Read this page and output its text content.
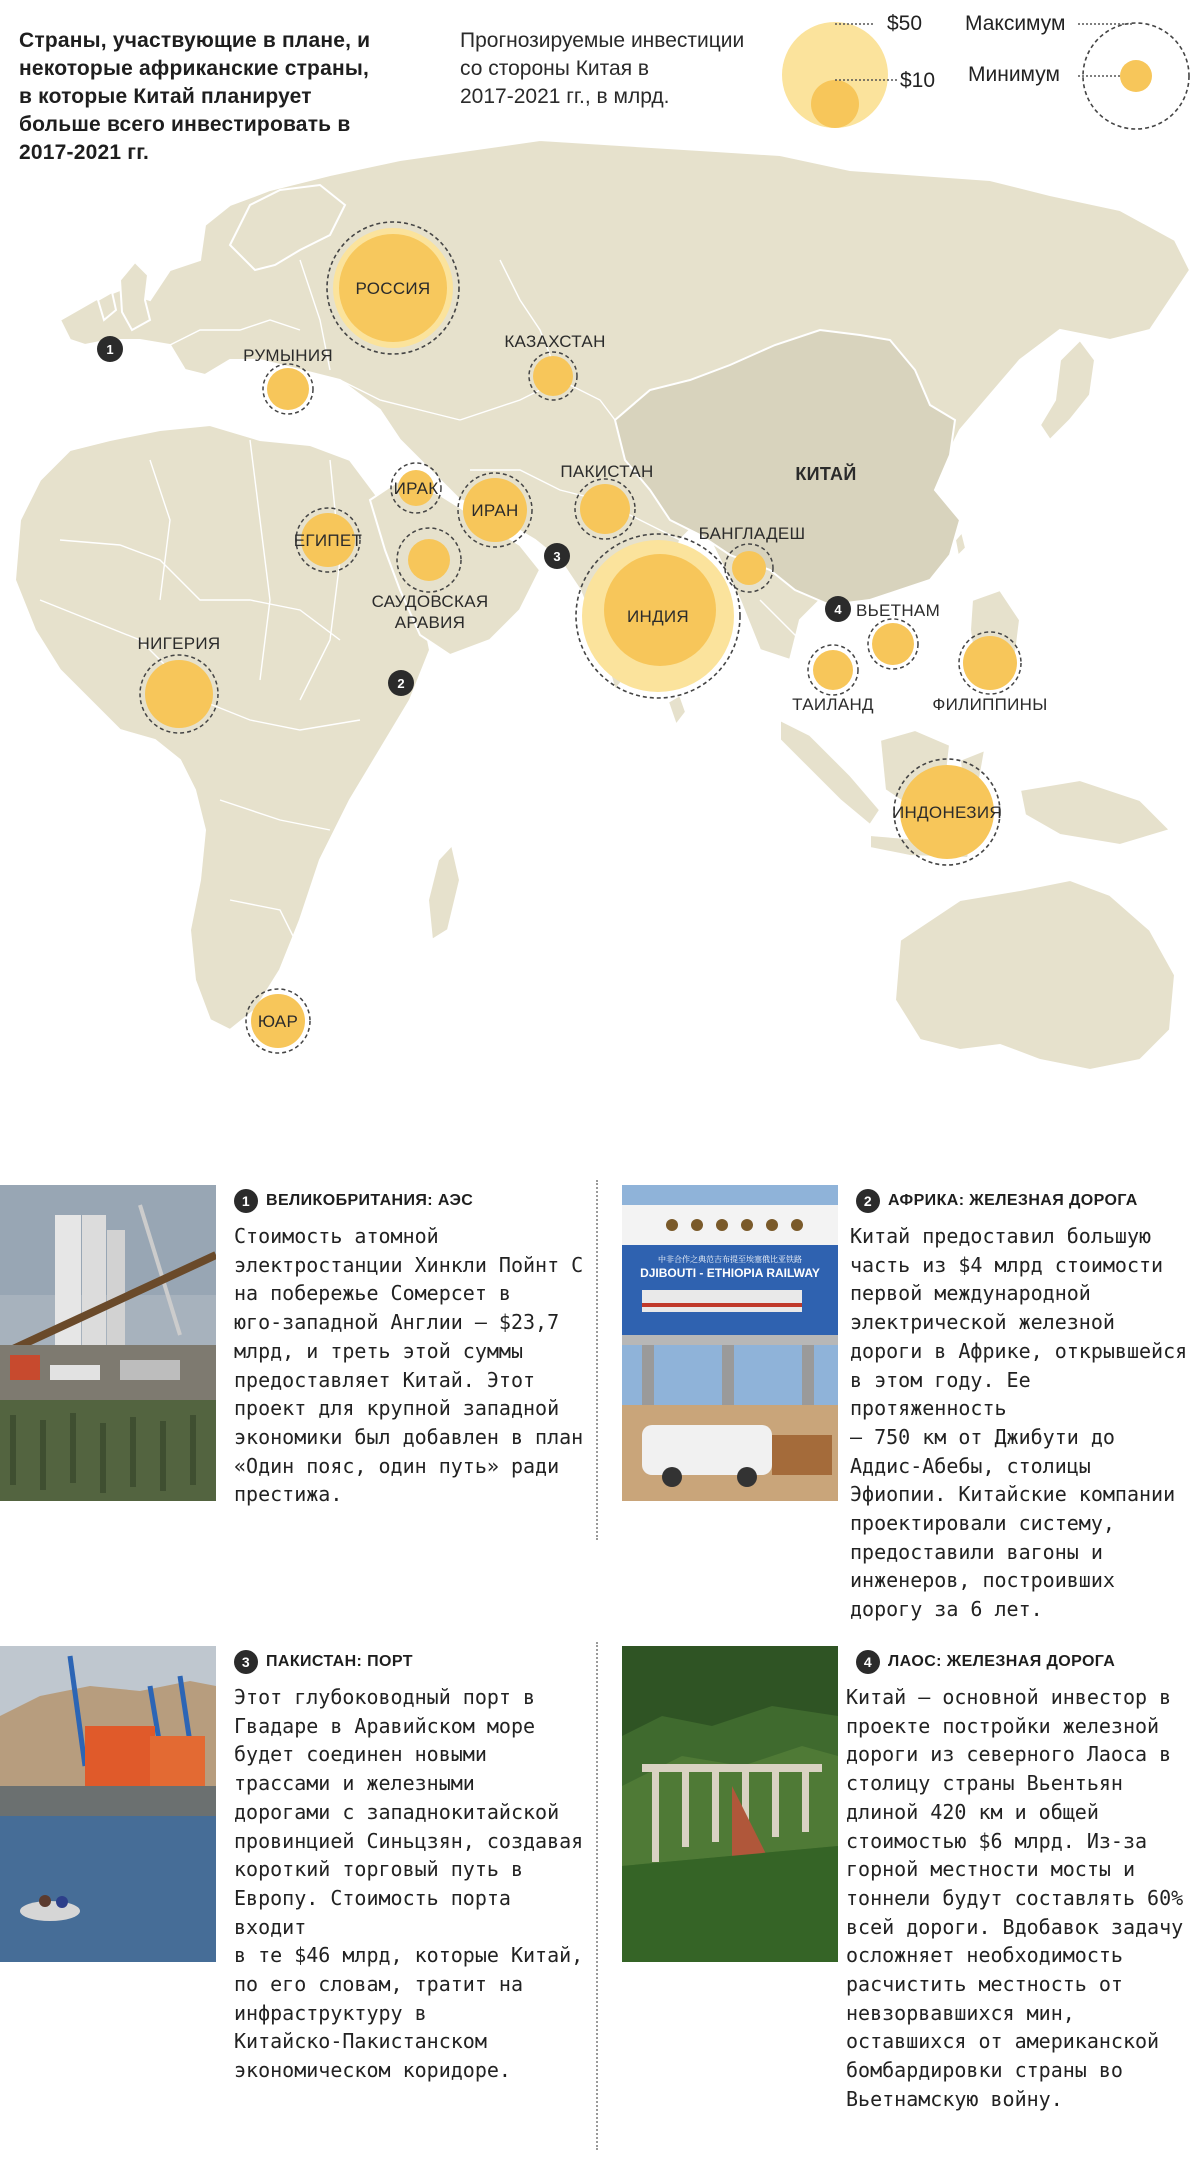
Страны, участвующие в плане, и
некоторые африканские страны,
в которые Китай планирует
больше всего инвестировать в
2017-2021 гг.
Прогнозируемые инвестиции
со стороны Китая в
2017-2021 гг., в млрд.
$50
$10
Максимум
Минимум
РОССИЯ
РУМЫНИЯ
КАЗАХСТАН
ИРАК
ИРАН
ЕГИПЕТ
САУДОВСКАЯ АРАВИЯ
ПАКИСТАН
ИНДИЯ
БАНГЛАДЕШ
ВЬЕТНАМ
ТАИЛАНД	ФИЛИППИНЫ
ИНДОНЕЗИЯ
НИГЕРИЯ
ЮАР
КИТАЙ
1
2
3
4
1 ВЕЛИКОБРИТАНИЯ: АЭС
Стоимость атомной
электростанции Хинкли Пойнт С
на побережье Сомерсет в
юго-западной Англии — $23,7
млрд, и треть этой суммы
предоставляет Китай. Этот
проект для крупной западной
экономики был добавлен в план
«Один пояс, один путь» ради
престижа.
中非合作之典范吉布提至埃塞俄比亚铁路
DJIBOUTI - ETHIOPIA RAILWAY
2 АФРИКА: ЖЕЛЕЗНАЯ ДОРОГА
Китай предоставил большую
часть из $4 млрд стоимости
первой международной
электрической железной
дороги в Африке, открывшейся
в этом году. Ее протяженность
— 750 км от Джибути до
Аддис-Абебы, столицы
Эфиопии. Китайские компании
проектировали систему,
предоставили вагоны и
инженеров, построивших
дорогу за 6 лет.
3 ПАКИСТАН: ПОРТ
Этот глубоководный порт в
Гвадаре в Аравийском море
будет соединен новыми
трассами и железными
дорогами с западнокитайской
провинцией Синьцзян, создавая
короткий торговый путь в
Европу. Стоимость порта входит
в те $46 млрд, которые Китай,
по его словам, тратит на
инфраструктуру в
Китайско-Пакистанском
экономическом коридоре.
4 ЛАОС: ЖЕЛЕЗНАЯ ДОРОГА
Китай — основной инвестор в
проекте постройки железной
дороги из северного Лаоса в
столицу страны Вьентьян
длиной 420 км и общей
стоимостью $6 млрд. Из-за
горной местности мосты и
тоннели будут составлять 60%
всей дороги. Вдобавок задачу
осложняет необходимость
расчистить местность от
невзорвавшихся мин,
оставшихся от американской
бомбардировки страны во
Вьетнамскую войну.
